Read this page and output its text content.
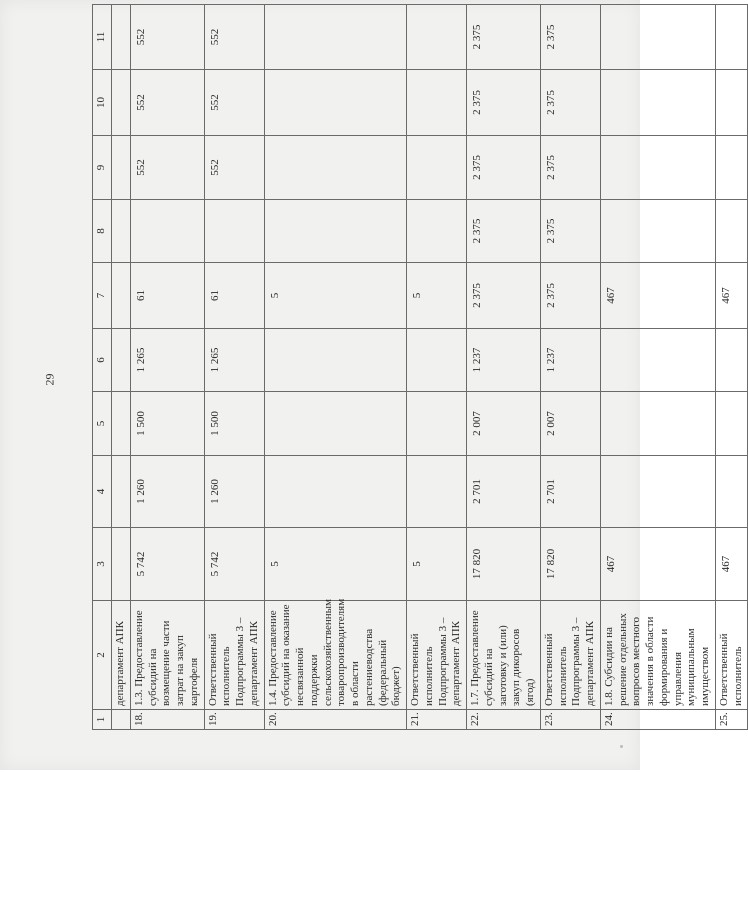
29
1	2	3	4	5	6	7	8	9	10	11
	департамент АПК									
18.	1.3. Предоставление субсидий на возмещение части затрат на закуп картофеля	5 742	1 260	1 500	1 265	61		552	552	552
19.	Ответственный исполнитель Подпрограммы 3 – департамент АПК	5 742	1 260	1 500	1 265	61		552	552	552
20.	1.4. Предоставление субсидий на оказание несвязанной поддержки сельскохозяйственным товаропроизводителям в области растениеводства (федеральный бюджет)	5				5				
21.	Ответственный исполнитель Подпрограммы 3 – департамент АПК	5				5				
22.	1.7. Предоставление субсидий на заготовку и (или) закуп дикоросов (ягод)	17 820	2 701	2 007	1 237	2 375	2 375	2 375	2 375	2 375
23.	Ответственный исполнитель Подпрограммы 3 – департамент АПК	17 820	2 701	2 007	1 237	2 375	2 375	2 375	2 375	2 375
24.	1.8. Субсидии на решение отдельных вопросов местного значения в области формирования и управления муниципальным имуществом	467				467				
25.	Ответственный исполнитель	467				467				
